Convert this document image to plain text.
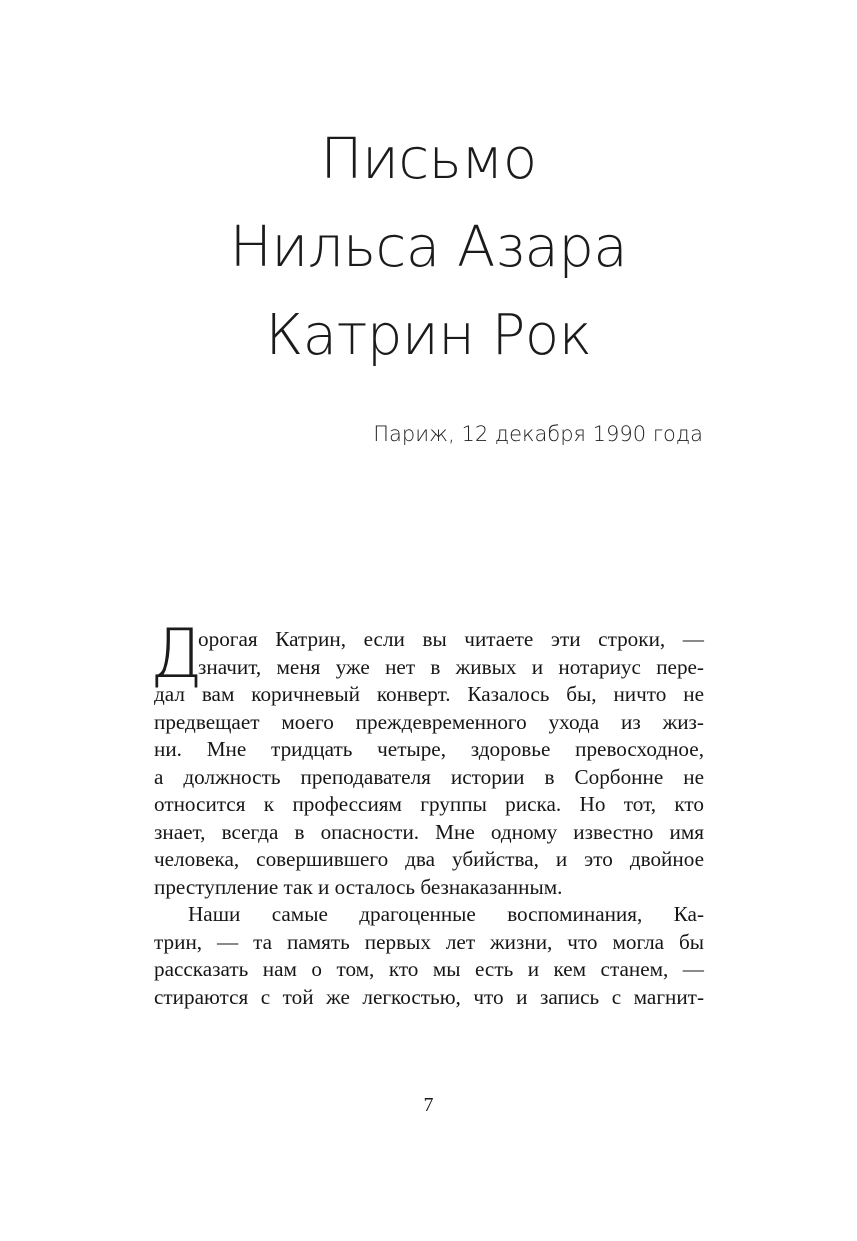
Письмо
Нильса Азара
Катрин Рок
Париж, 12 декабря 1990 года
Д
орогая Катрин, если вы читаете эти строки, —
значит, меня уже нет в живых и нотариус пере-
дал вам коричневый конверт. Казалось бы, ничто не
предвещает моего преждевременного ухода из жиз-
ни. Мне тридцать четыре, здоровье превосходное,
а должность преподавателя истории в Сорбонне не
относится к профессиям группы риска. Но тот, кто
знает, всегда в опасности. Мне одному известно имя
человека, совершившего два убийства, и это двойное
преступление так и осталось безнаказанным.
Наши самые драгоценные воспоминания, Ка-
трин, — та память первых лет жизни, что могла бы
рассказать нам о том, кто мы есть и кем станем, —
стираются с той же легкостью, что и запись с магнит-
7
